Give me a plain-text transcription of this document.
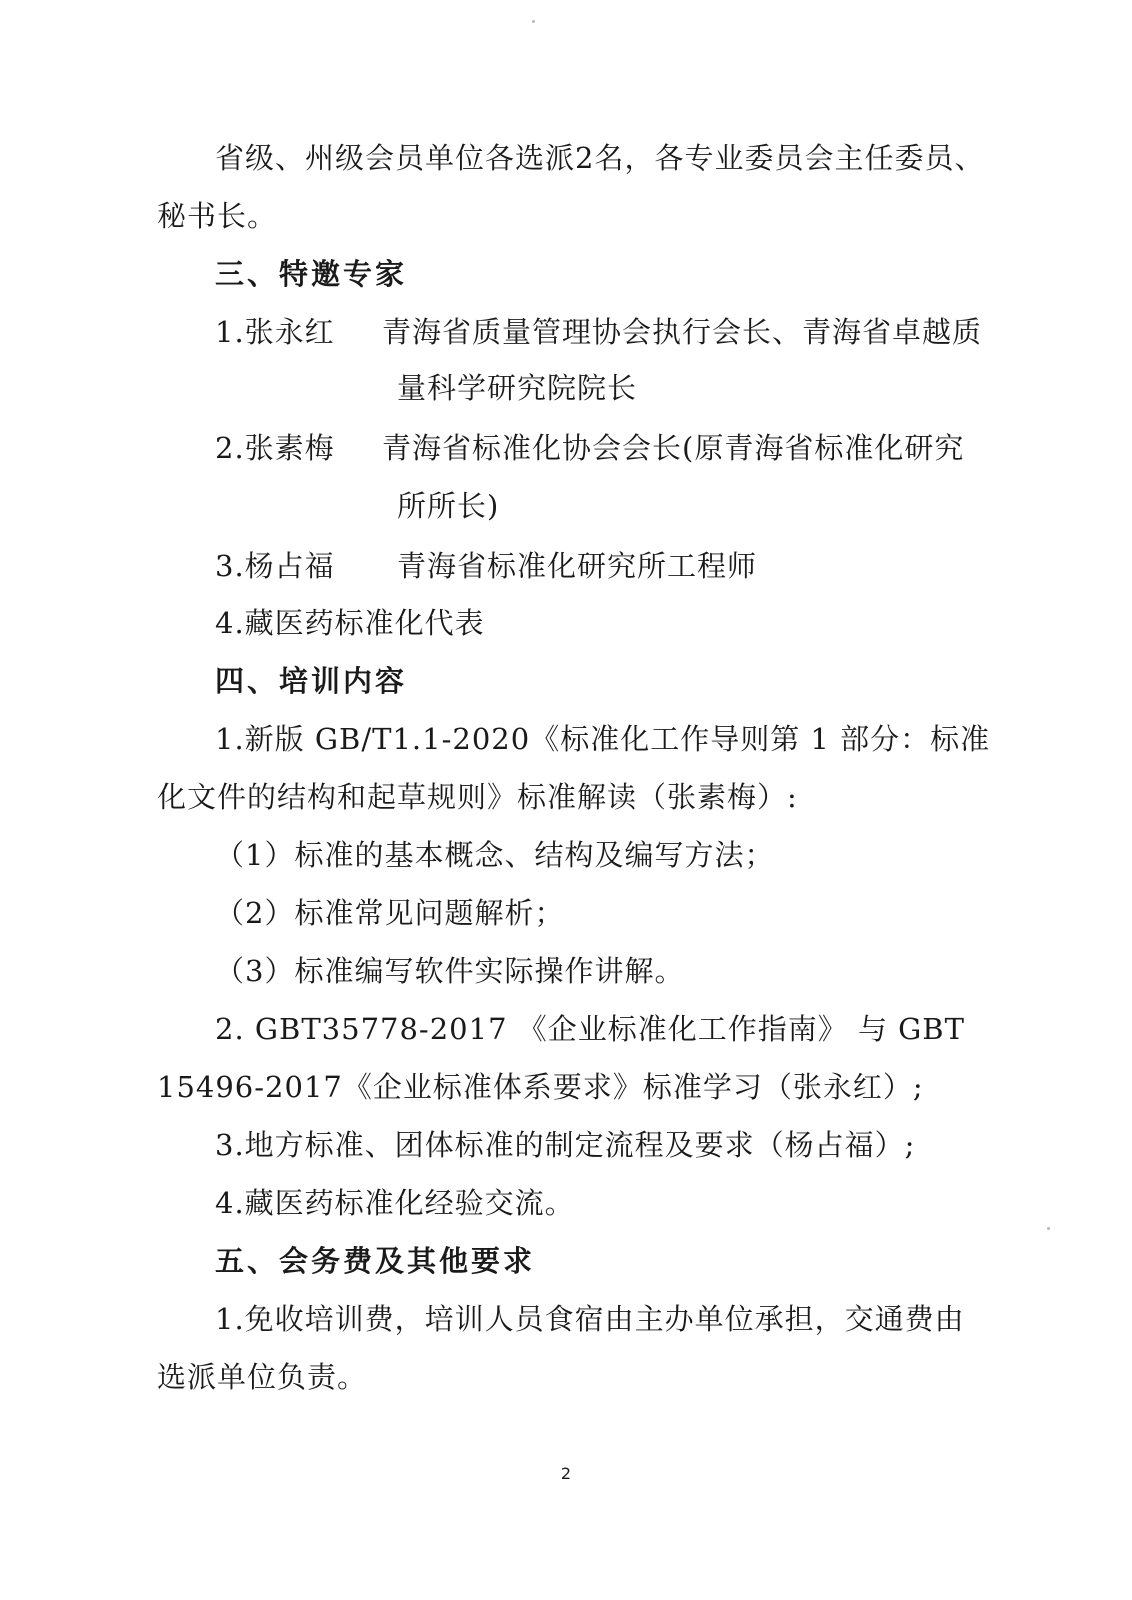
省级、州级会员单位各选派 2 名，各专业委员会主任委员、
秘书长。
三、特邀专家
1.张永红 青海省质量管理协会执行会长、青海省卓越质
量科学研究院院长
2.张素梅 青海省标准化协会会长(原青海省标准化研究
所所长)
3.杨占福 青海省标准化研究所工程师
4.藏医药标准化代表
四、培训内容
1.新版 GB/T1.1-2020《标准化工作导则第 1 部分：标准
化文件的结构和起草规则》标准解读（张素梅）:
（1）标准的基本概念、结构及编写方法；
（2）标准常见问题解析；
（3）标准编写软件实际操作讲解。
2. GBT35778-2017 《企业标准化工作指南》 与 GBT
15496-2017《企业标准体系要求》标准学习（张永红）;
3.地方标准、团体标准的制定流程及要求（杨占福）;
4.藏医药标准化经验交流。
五、会务费及其他要求
1.免收培训费，培训人员食宿由主办单位承担，交通费由
选派单位负责。
2
